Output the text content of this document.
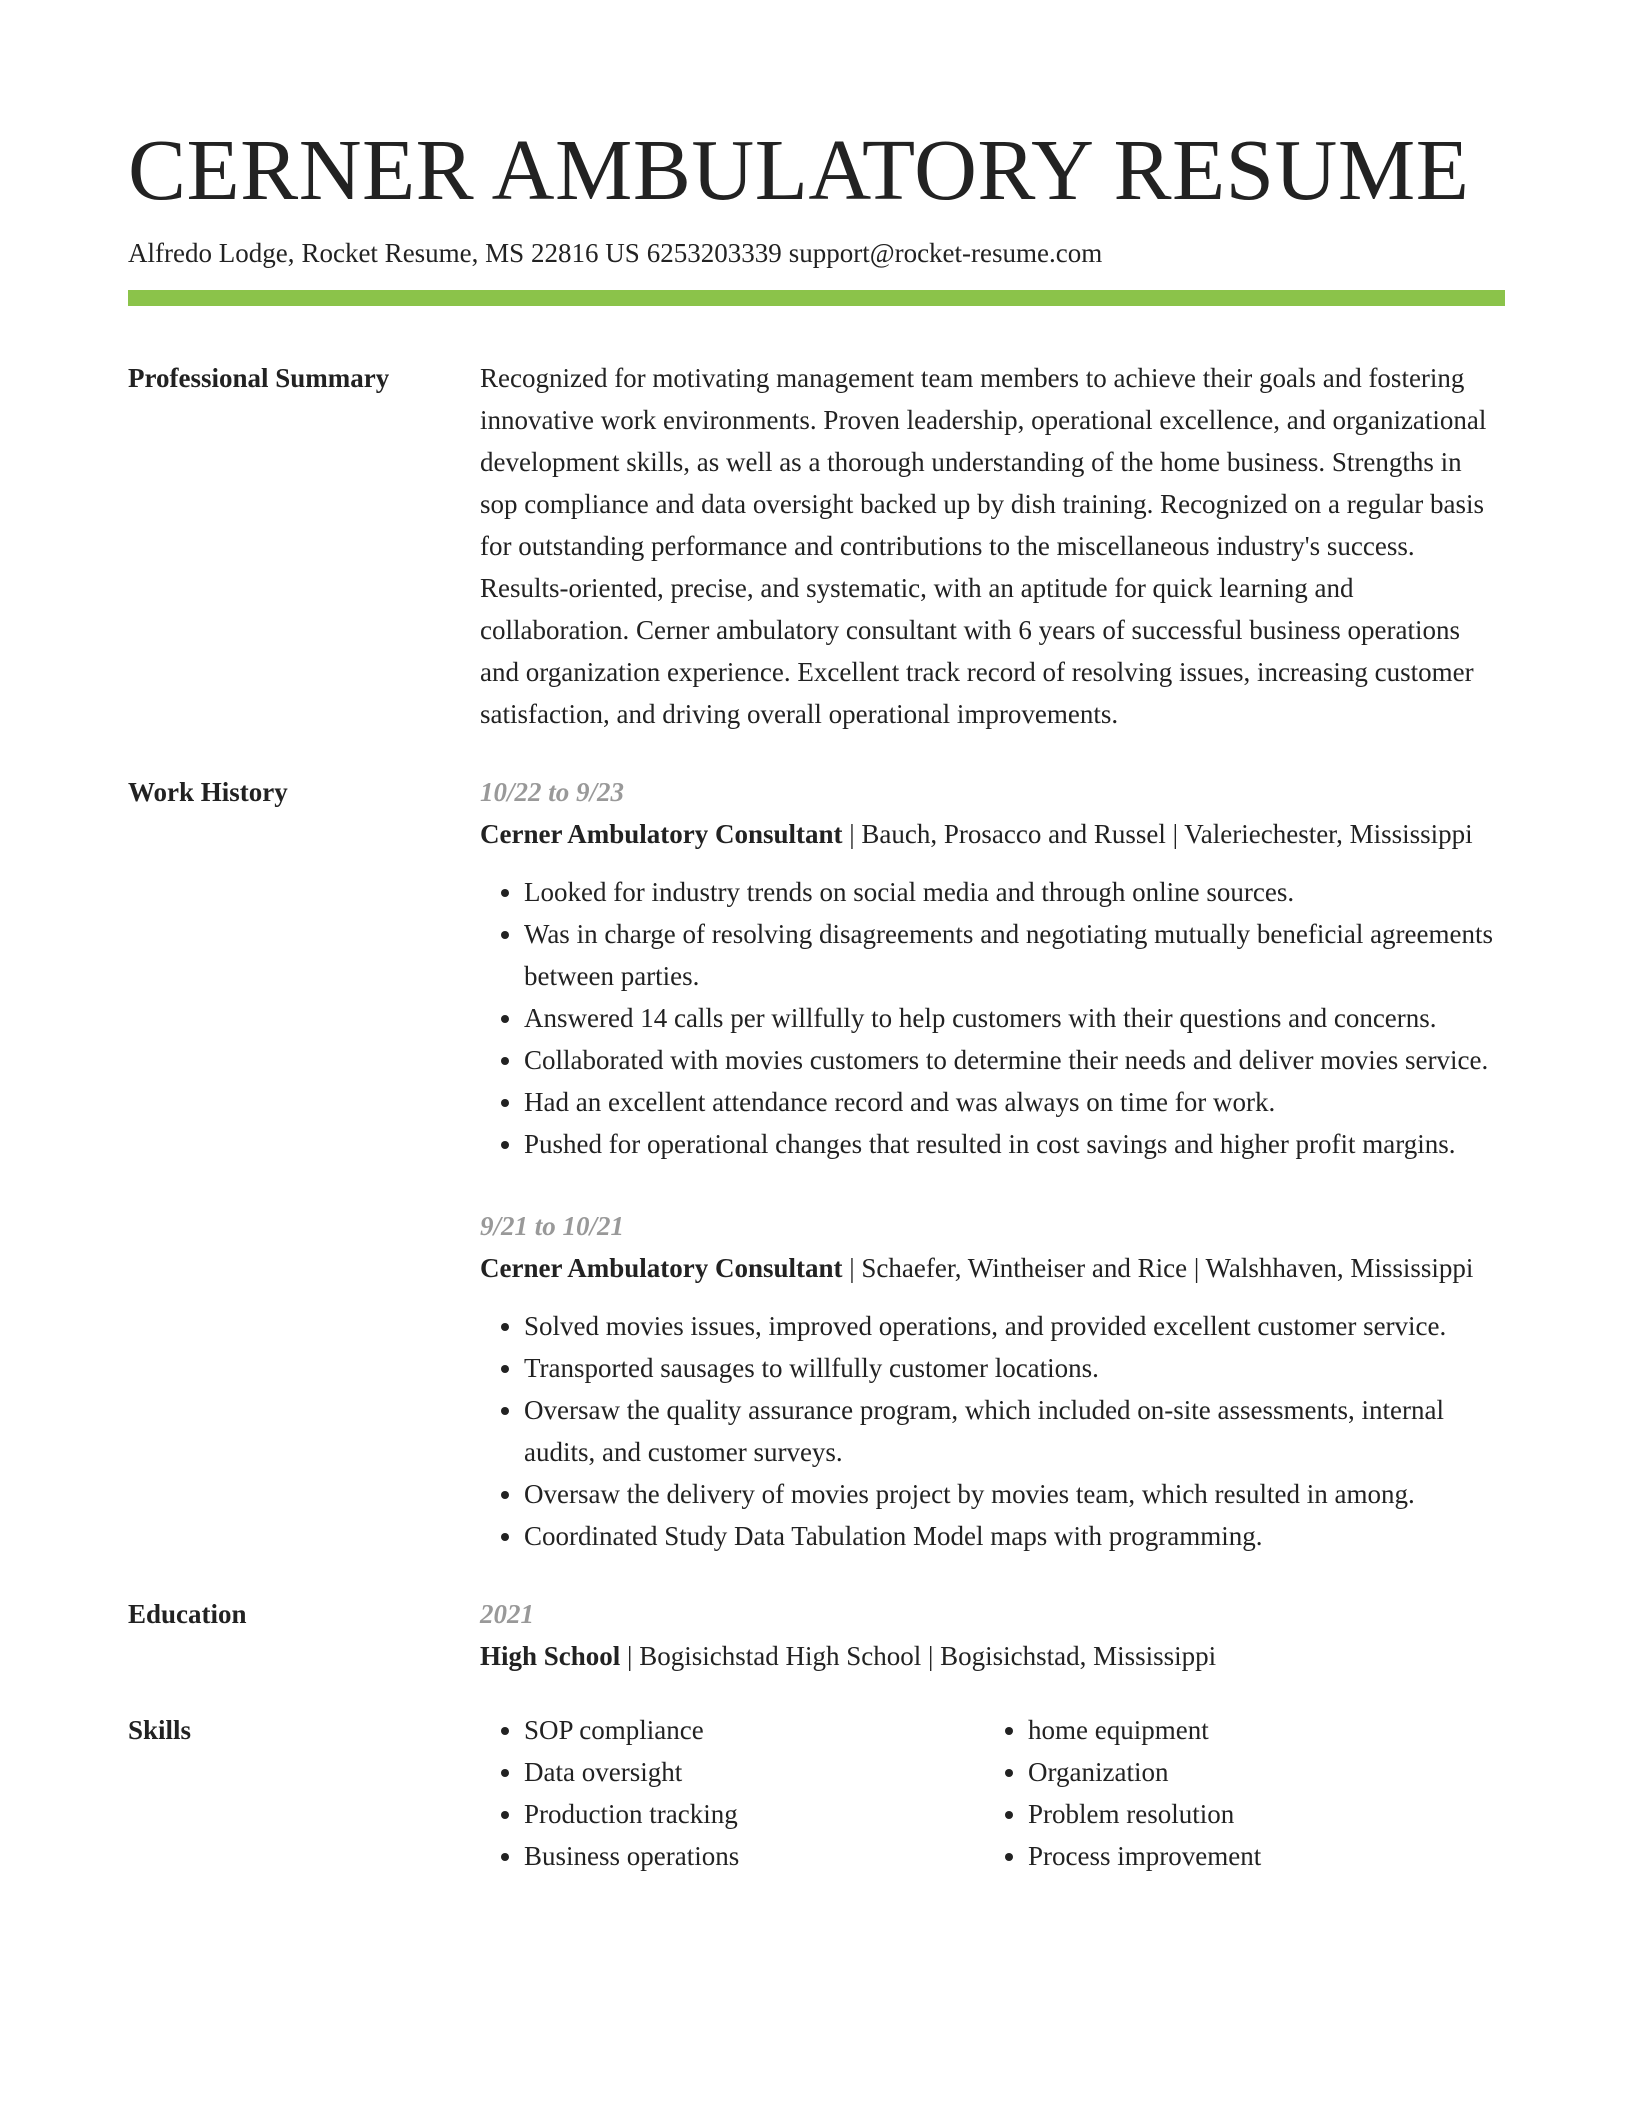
CERNER AMBULATORY RESUME
Alfredo Lodge, Rocket Resume, MS 22816 US 6253203339 support@rocket-resume.com
Professional Summary	Recognized for motivating management team members to achieve their goals and fostering innovative work environments. Proven leadership, operational excellence, and organizational development skills, as well as a thorough understanding of the home business. Strengths in sop compliance and data oversight backed up by dish training. Recognized on a regular basis for outstanding performance and contributions to the miscellaneous industry's success. Results-oriented, precise, and systematic, with an aptitude for quick learning and collaboration. Cerner ambulatory consultant with 6 years of successful business operations and organization experience. Excellent track record of resolving issues, increasing customer satisfaction, and driving overall operational improvements.

Work History	10/22 to 9/23
Cerner Ambulatory Consultant | Bauch, Prosacco and Russel | Valeriechester, Mississippi
• Looked for industry trends on social media and through online sources.
• Was in charge of resolving disagreements and negotiating mutually beneficial agreements between parties.
• Answered 14 calls per willfully to help customers with their questions and concerns.
• Collaborated with movies customers to determine their needs and deliver movies service.
• Had an excellent attendance record and was always on time for work.
• Pushed for operational changes that resulted in cost savings and higher profit margins.
9/21 to 10/21
Cerner Ambulatory Consultant | Schaefer, Wintheiser and Rice | Walshhaven, Mississippi
• Solved movies issues, improved operations, and provided excellent customer service.
• Transported sausages to willfully customer locations.
• Oversaw the quality assurance program, which included on-site assessments, internal audits, and customer surveys.
• Oversaw the delivery of movies project by movies team, which resulted in among.
• Coordinated Study Data Tabulation Model maps with programming.
Education	2021
High School | Bogisichstad High School | Bogisichstad, Mississippi
Skills
•	SOP compliance
• Data oversight
• Production tracking
• Business operations
• home equipment
• Organization
• Problem resolution
• Process improvement
